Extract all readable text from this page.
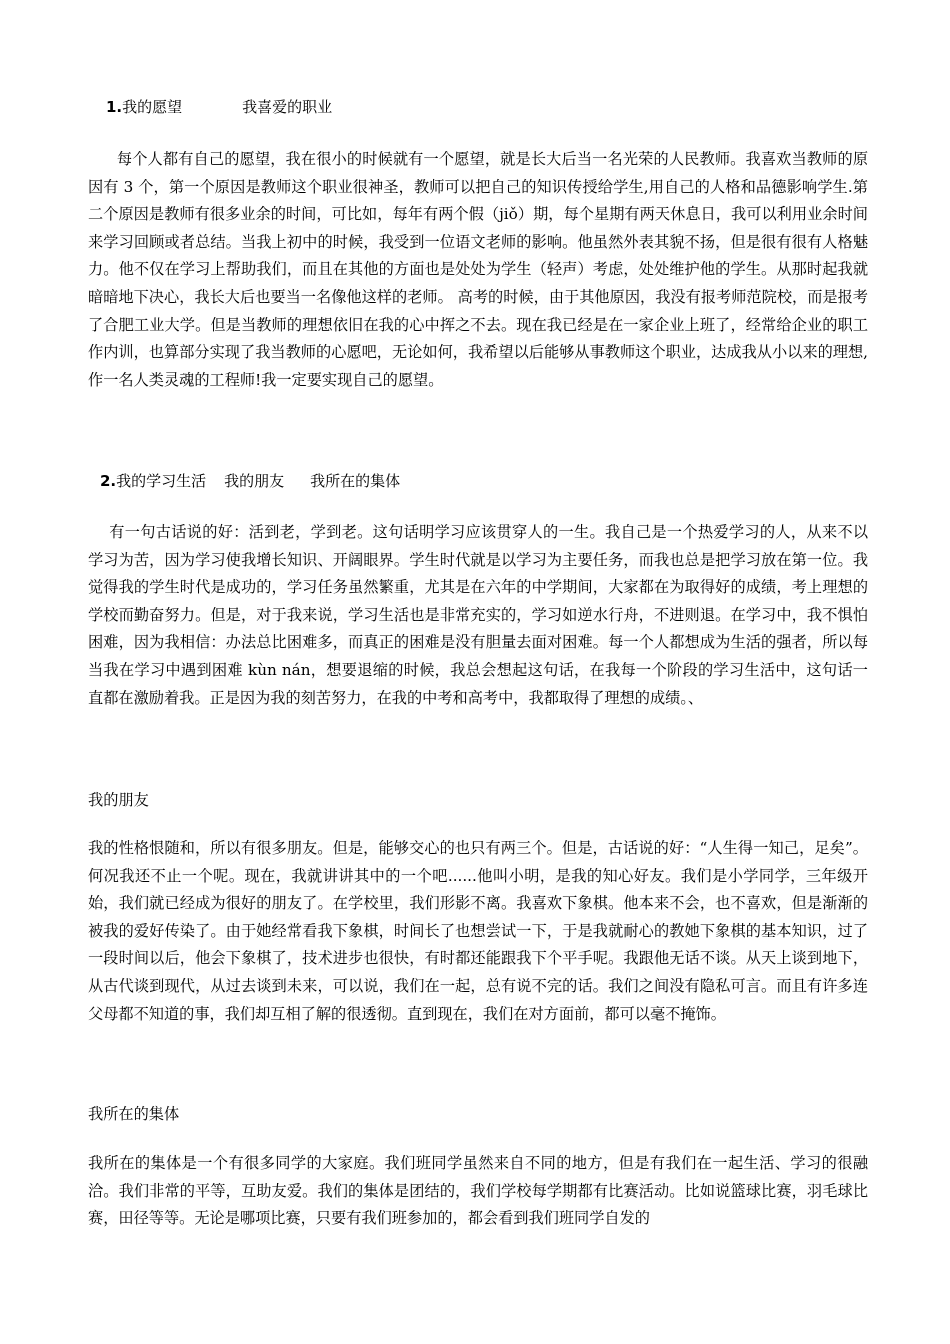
1.我的愿望	我喜爱的职业

每个人都有自己的愿望，我在很小的时候就有一个愿望，就是长大后当一名光荣的人民教师。我喜欢当教师的原因有 3 个，第一个原因是教师这个职业很神圣，教师可以把自己的知识传授给学生,用自己的人格和品德影响学生.第二个原因是教师有很多业余的时间，可比如，每年有两个假（jiǒ）期，每个星期有两天休息日，我可以利用业余时间来学习回顾或者总结。当我上初中的时候，我受到一位语文老师的影响。他虽然外表其貌不扬，但是很有很有人格魅力。他不仅在学习上帮助我们，而且在其他的方面也是处处为学生（轻声）考虑，处处维护他的学生。从那时起我就暗暗地下决心，我长大后也要当一名像他这样的老师。 高考的时候，由于其他原因，我没有报考师范院校，而是报考了合肥工业大学。但是当教师的理想依旧在我的心中挥之不去。现在我已经是在一家企业上班了，经常给企业的职工作内训，也算部分实现了我当教师的心愿吧，无论如何，我希望以后能够从事教师这个职业，达成我从小以来的理想,作一名人类灵魂的工程师!我一定要实现自己的愿望。

2.我的学习生活 我的朋友 我所在的集体

有一句古话说的好：活到老，学到老。这句话明学习应该贯穿人的一生。我自己是一个热爱学习的人，从来不以学习为苦，因为学习使我增长知识、开阔眼界。学生时代就是以学习为主要任务，而我也总是把学习放在第一位。我觉得我的学生时代是成功的，学习任务虽然繁重，尤其是在六年的中学期间，大家都在为取得好的成绩，考上理想的学校而勤奋努力。但是，对于我来说，学习生活也是非常充实的，学习如逆水行舟，不进则退。在学习中，我不惧怕困难，因为我相信：办法总比困难多，而真正的困难是没有胆量去面对困难。每一个人都想成为生活的强者，所以每当我在学习中遇到困难 kùn nán，想要退缩的时候，我总会想起这句话，在我每一个阶段的学习生活中，这句话一直都在激励着我。正是因为我的刻苦努力，在我的中考和高考中，我都取得了理想的成绩。、

我的朋友

我的性格恨随和，所以有很多朋友。但是，能够交心的也只有两三个。但是，古话说的好：“人生得一知己，足矣”。何况我还不止一个呢。现在，我就讲讲其中的一个吧......他叫小明，是我的知心好友。我们是小学同学，三年级开始，我们就已经成为很好的朋友了。在学校里，我们形影不离。我喜欢下象棋。他本来不会，也不喜欢，但是渐渐的被我的爱好传染了。由于她经常看我下象棋，时间长了也想尝试一下，于是我就耐心的教她下象棋的基本知识，过了一段时间以后，他会下象棋了，技术进步也很快，有时都还能跟我下个平手呢。我跟他无话不谈。从天上谈到地下，从古代谈到现代，从过去谈到未来，可以说，我们在一起，总有说不完的话。我们之间没有隐私可言。而且有许多连父母都不知道的事，我们却互相了解的很透彻。直到现在，我们在对方面前，都可以毫不掩饰。

我所在的集体

我所在的集体是一个有很多同学的大家庭。我们班同学虽然来自不同的地方，但是有我们在一起生活、学习的很融洽。我们非常的平等，互助友爱。我们的集体是团结的，我们学校每学期都有比赛活动。比如说篮球比赛，羽毛球比赛，田径等等。无论是哪项比赛，只要有我们班参加的，都会看到我们班同学自发的
